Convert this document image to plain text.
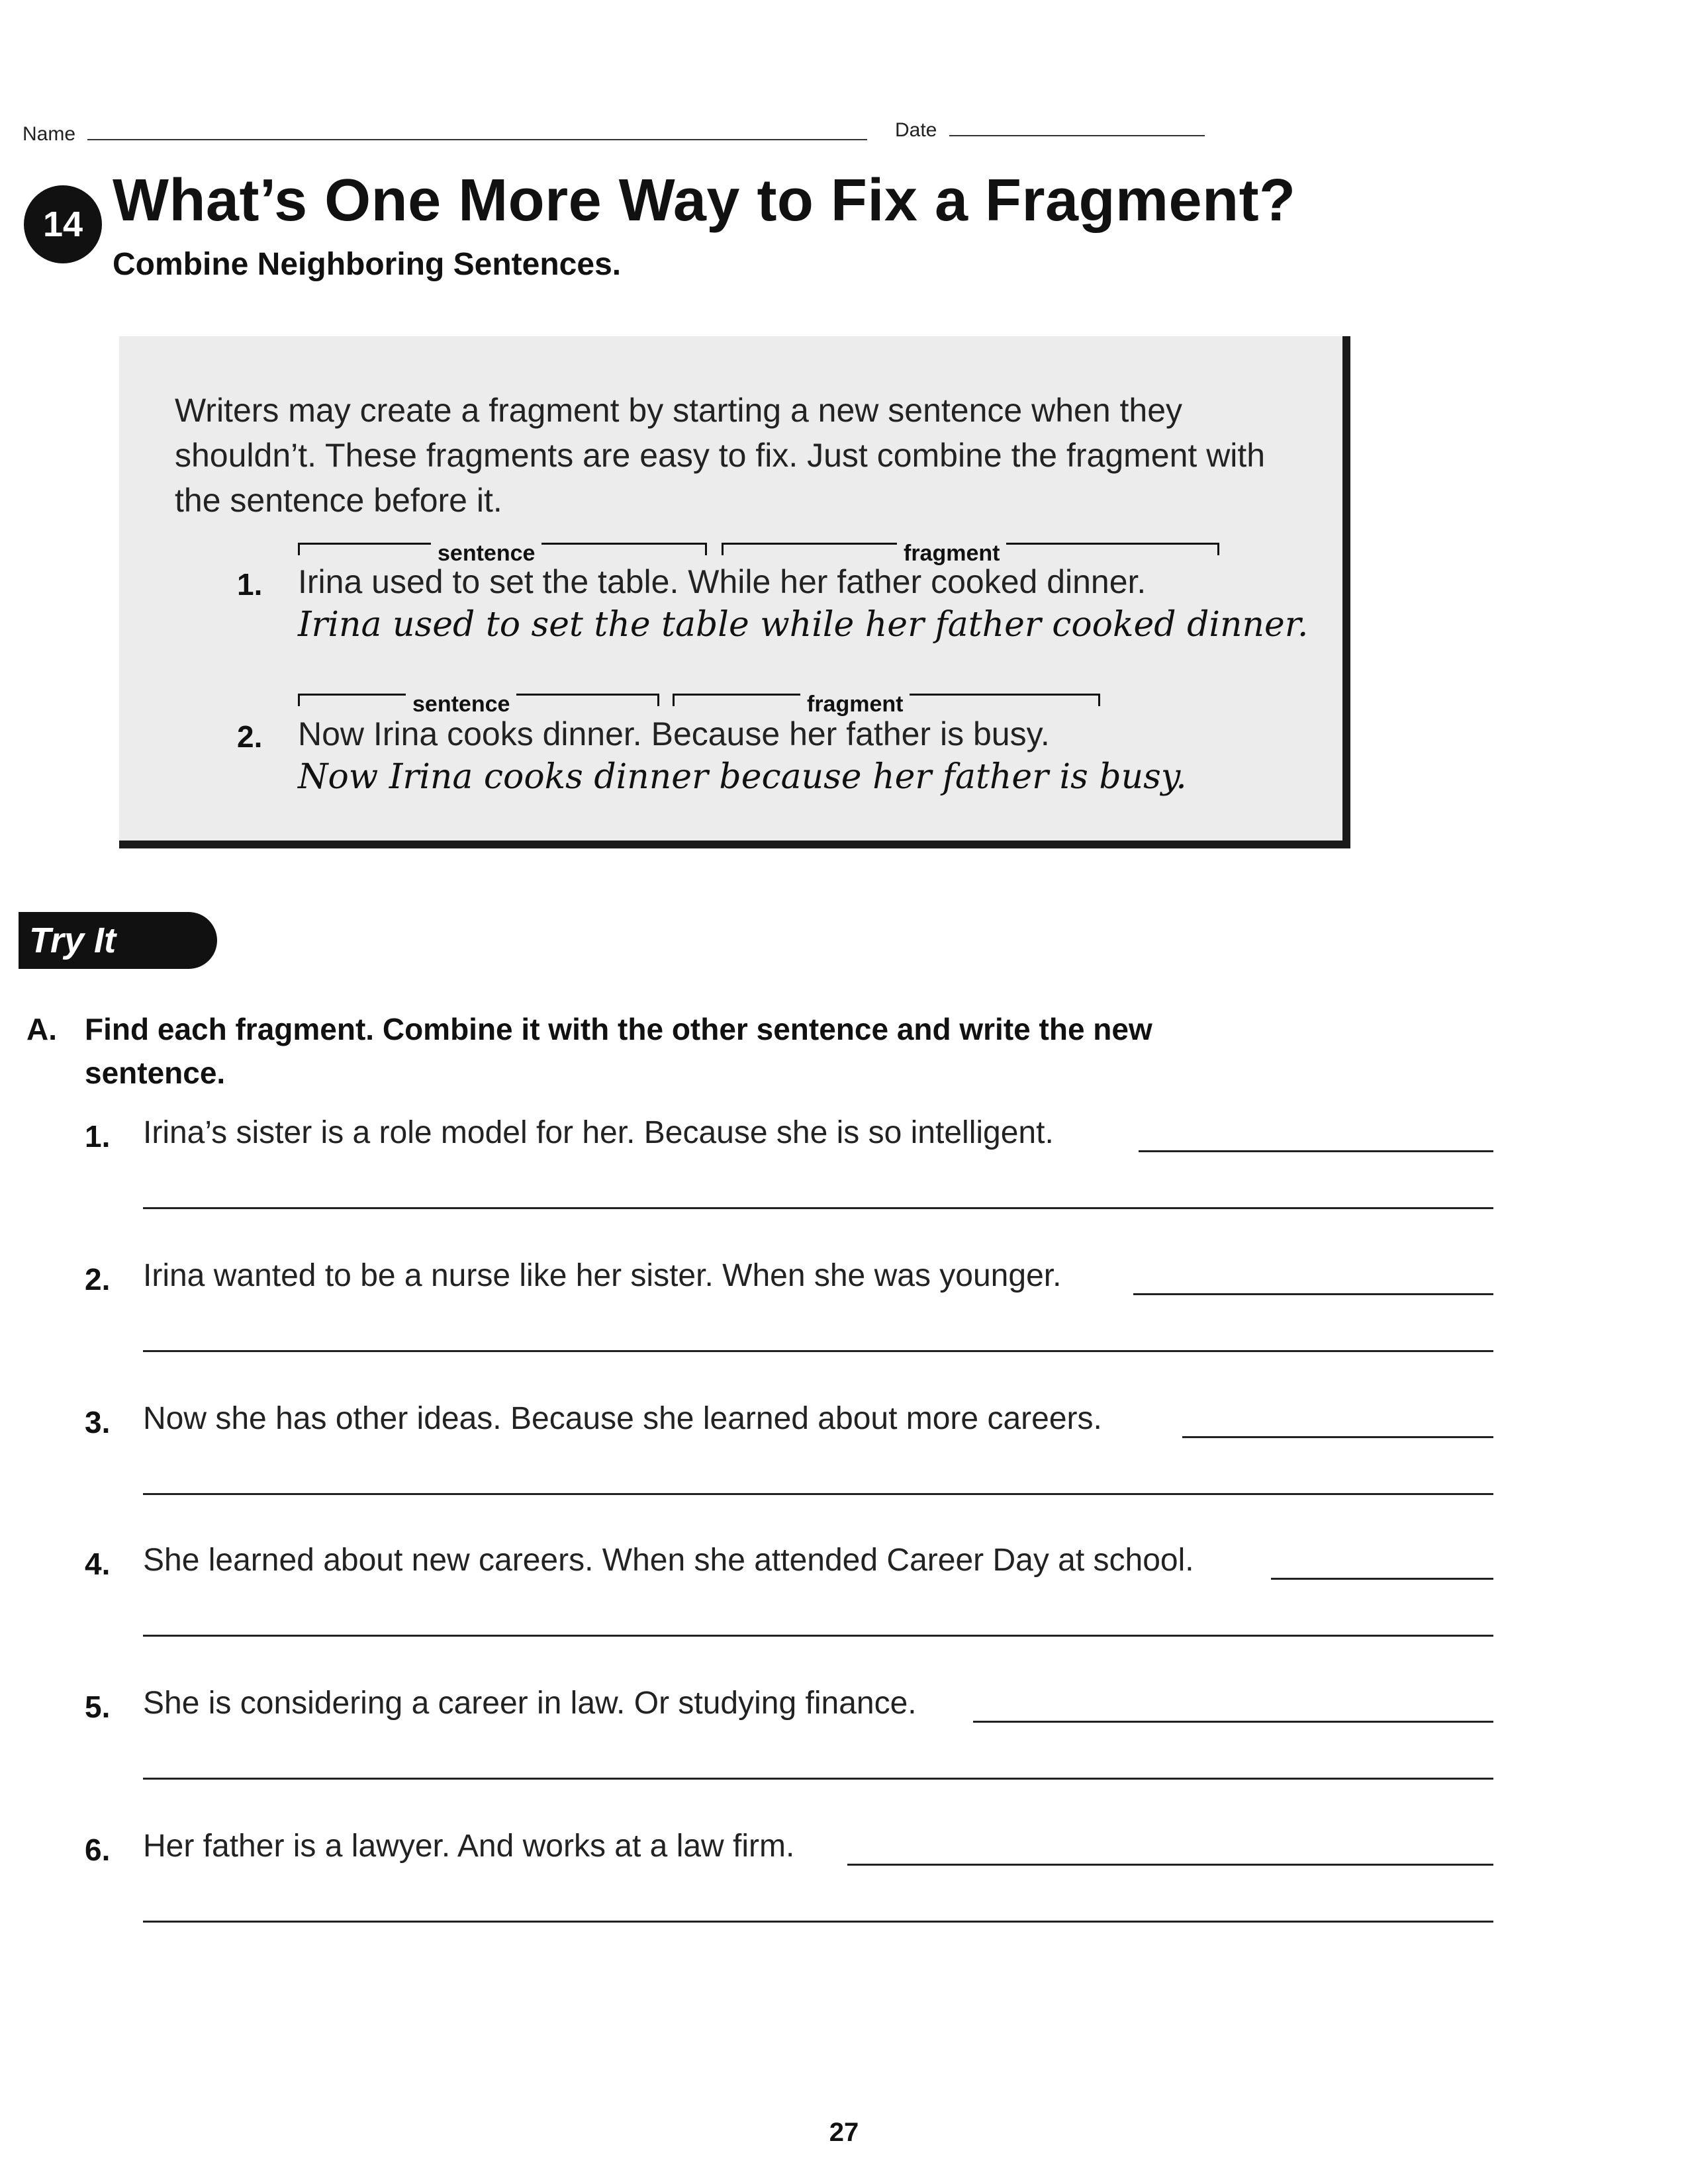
Name	Date
14 What’s One More Way to Fix a Fragment?
Combine Neighboring Sentences.
Writers may create a fragment by starting a new sentence when they shouldn’t. These fragments are easy to fix. Just combine the fragment with the sentence before it.
sentence	fragment
1. Irina used to set the table. While her father cooked dinner.
Irina used to set the table while her father cooked dinner.
sentence	fragment
2. Now Irina cooks dinner. Because her father is busy.
Now Irina cooks dinner because her father is busy.
Try It
A. Find each fragment. Combine it with the other sentence and write the new sentence.
1. Irina’s sister is a role model for her. Because she is so intelligent.
2. Irina wanted to be a nurse like her sister. When she was younger.
3. Now she has other ideas. Because she learned about more careers.
4. She learned about new careers. When she attended Career Day at school.
5. She is considering a career in law. Or studying finance.
6. Her father is a lawyer. And works at a law firm.
27
